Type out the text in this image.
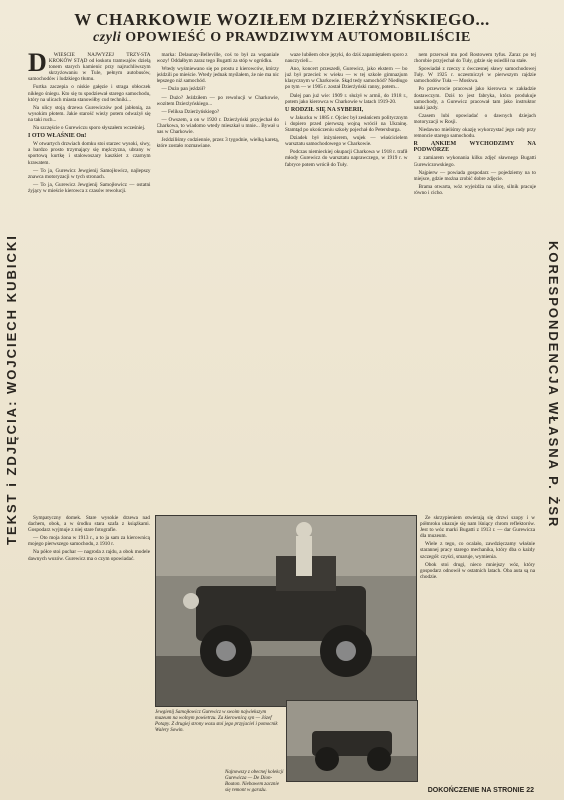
W CHARKOWIE WOZIŁEM DZIERŻYŃSKIEGO...
czyli OPOWIEŚĆ O PRAWDZIWYM AUTOMOBILIŚCIE
TEKST i ZDJĘCIA: WOJCIECH KUBICKI	KORESPONDENCJA WŁASNA P. ŻSR
D	WIEŚCIE NAJWYŻEJ TRZY-STA KROKÓW STĄD od łoskotu tramwajów dzielą tonem starych kamienic przy najruchliwszym skrzyżowaniu w Tule, pełnym autobusów, samochodów i ludzkiego tłumu.

Furtka zaczepia o niskie gałęzie i straga obłoczek nikłego śniegu. Kto się tu spodziewał starego samochodu, który na ulicach miasta stanowiłby cud techniki...

Na ulicy stoją drzewa Gurewiczów pod jabłonią, za wysokim płotem. Jakie starość wieży potem odważył się na taki ruch...

Na szczęście o Gurewiczu sporo słyszałem wcześniej.

I OTO WŁAŚNIE On!

W otwartych drzwiach domku stoi starzec wysoki, siwy, a bardzo prosto trzymający się mężczyzna, ubrany w sportową kurtkę i stalowoszary kaszkiet z czarnym krawatem.

— To ja, Gurewicz Jewgienij Samojłowicz, najlepszy znawca motoryzacji w tych stronach.

— To ja, Gurewicz Jewgienij Samojłowicz — ostatni żyjący w mieście kierowca z czasów rewolucji.

marka: Delaunay-Belleville, coś to był za wspaniale wozy! Oddałbym zaraz tego Bugatti za stóp w ogródku.

Wtedy wyśmiewano się po prostu z kierowców, którzy jeździli po mieście. Wtedy jednak myślałem, że nie ma nic lepszego niż samochód.

— Dużo pan jeździł?

— Dużo? Jeździłem — po rewolucji w Charkowie, wozitem Dzierżyńskiego...

— Feliksa Dzierżyńskiego?

— Owszem, a on w 1920 r. Dzierżyński przyjechał do Charkowa, to wiadomo wtedy mieszkał u mnie... Bywał u nas w Charkowie.

Jeździliśmy codziennie, przez 3 tygodnie, wielką karetą, które zostało rozmawiane.

waze lubiłem obce języki, do dziś zapamiętałem sporo z nauczycieli...

Ano, koncert przeszedł, Gurewicz, jako ekstern — bo już był przecież w wieku — w tej szkole gimnazjum klasycznym w Charkowie. Skąd tedy samochód? Niedługo po tym — w 1905 r. został Dzierżyński ranny, potem...

Dalej pan już wie: 1909 r. służył w armii, do 1918 r., potem jako kierowca w Charkowie w latach 1919-20.

U RODZIŁ SIĘ NA SYBERII,

w Jakucku w 1885 r. Ojciec był zesłańcem politycznym i dopiero przed pierwszą wojną wrócił na Ukrainę. Stamtąd po ukończeniu szkoły pojechał do Petersburga.

Dziadek był inżynierem, wujek — właścicielem warsztatu samochodowego w Charkowie.

Podczas niemieckiej okupacji Charkowa w 1918 r. trafił młody Gurewicz do warsztatu naprawczego, w 1919 r. w fabryce potem wrócił do Tuły.

nem przerwał mu pod Rostowem tyfus. Zaraz po tej chorobie przyjechał do Tuły, gdzie się osiedlił na stałe.

Spowiadał z rzeczy z ówczesnej sławy samochodowej Tuły. W 1925 r. uczestniczył w pierwszym rajdzie samochodów Tuła — Moskwa.

Po przewrocie pracował jako kierowca w zakładzie dostawczym. Dziś to jest fabryka, która produkuje samochody, a Gurewicz pracował tam jako instruktor nauki jazdy.

Czasem lubi opowiadać o dawnych dziejach motoryzacji w Rosji.

Niedawno mieliśmy okazję wykorzystać jego rady przy remoncie starego samochodu.

R ANKIEM WYCHODZIMY NA PODWÓRZE

z zamiarem wykonania kilku zdjęć sławnego Bugatti Gurewiczowskiego.

Najpierw — powiada gospodarz — pojedziemy na to miejsce, gdzie można zrobić dobre zdjęcie.

Brama otwarta, wóz wyjeżdża na ulicę, silnik pracuje równo i cicho.

Sympatyczny domek. Stare wysokie drzewa nad dachem, obok, a w środku stara szafa z książkami. Gospodarz wyjmuje z niej stare fotografie.

— Oto moja żona w 1913 r., a to ja sam za kierownicą mojego pierwszego samochodu, z 1910 r.

Na półce stoi puchar — nagroda z rajdu, a obok modele dawnych wozów. Gurewicz ma o czym opowiadać.

Jewgienij Samojłowicz Gurewicz w swoim najwiekszym muzeum na wolnym powietrzu. Za kierownicą syn — Józef Potapy. Z drugiej strony wozu stoi jego przyjaciel i pomocnik Walery Sowin.
Najnowszy z obecnej kolekcji Gurewicza — De Dion-Bouton. Niebawem zacznie się remont w garażu.

Ze skrzypieniem otwierają się drzwi szopy i w półmroku ukazuje się nam lśniący chrom reflektorów. Jest to wóz marki Bugatti z 1913 r. — dar Gurewicza dla muzeum.

Wiele z tego, co ocalało, zawdzięczamy właśnie starannej pracy starego mechanika, który dba o każdy szczegół: czyści, smaruje, wymienia.

Obok stoi drugi, nieco mniejszy wóz, który gospodarz odnowił w ostatnich latach. Oba auta są na chodzie.

DOKOŃCZENIE NA STRONIE 22
